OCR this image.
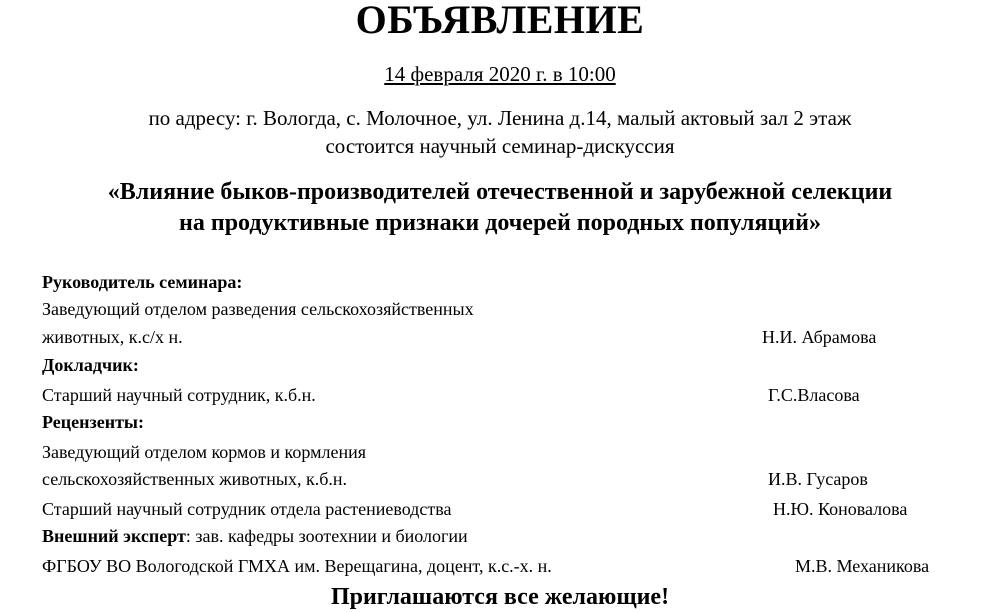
ОБЪЯВЛЕНИЕ
14 февраля 2020 г. в 10:00
по адресу: г. Вологда, с. Молочное, ул. Ленина д.14, малый актовый зал 2 этаж
состоится научный семинар-дискуссия
«Влияние быков-производителей отечественной и зарубежной селекции
на продуктивные признаки дочерей породных популяций»
Руководитель семинара:
Заведующий отделом разведения сельскохозяйственных
животных, к.с/х н.	Н.И. Абрамова
Докладчик:
Старший научный сотрудник, к.б.н.	Г.С.Власова
Рецензенты:
Заведующий отделом кормов и кормления
сельскохозяйственных животных, к.б.н.	И.В. Гусаров
Старший научный сотрудник отдела растениеводства	Н.Ю. Коновалова
Внешний эксперт: зав. кафедры зоотехнии и биологии
ФГБОУ ВО Вологодской ГМХА им. Верещагина, доцент, к.с.-х. н.	М.В. Механикова
Приглашаются все желающие!
